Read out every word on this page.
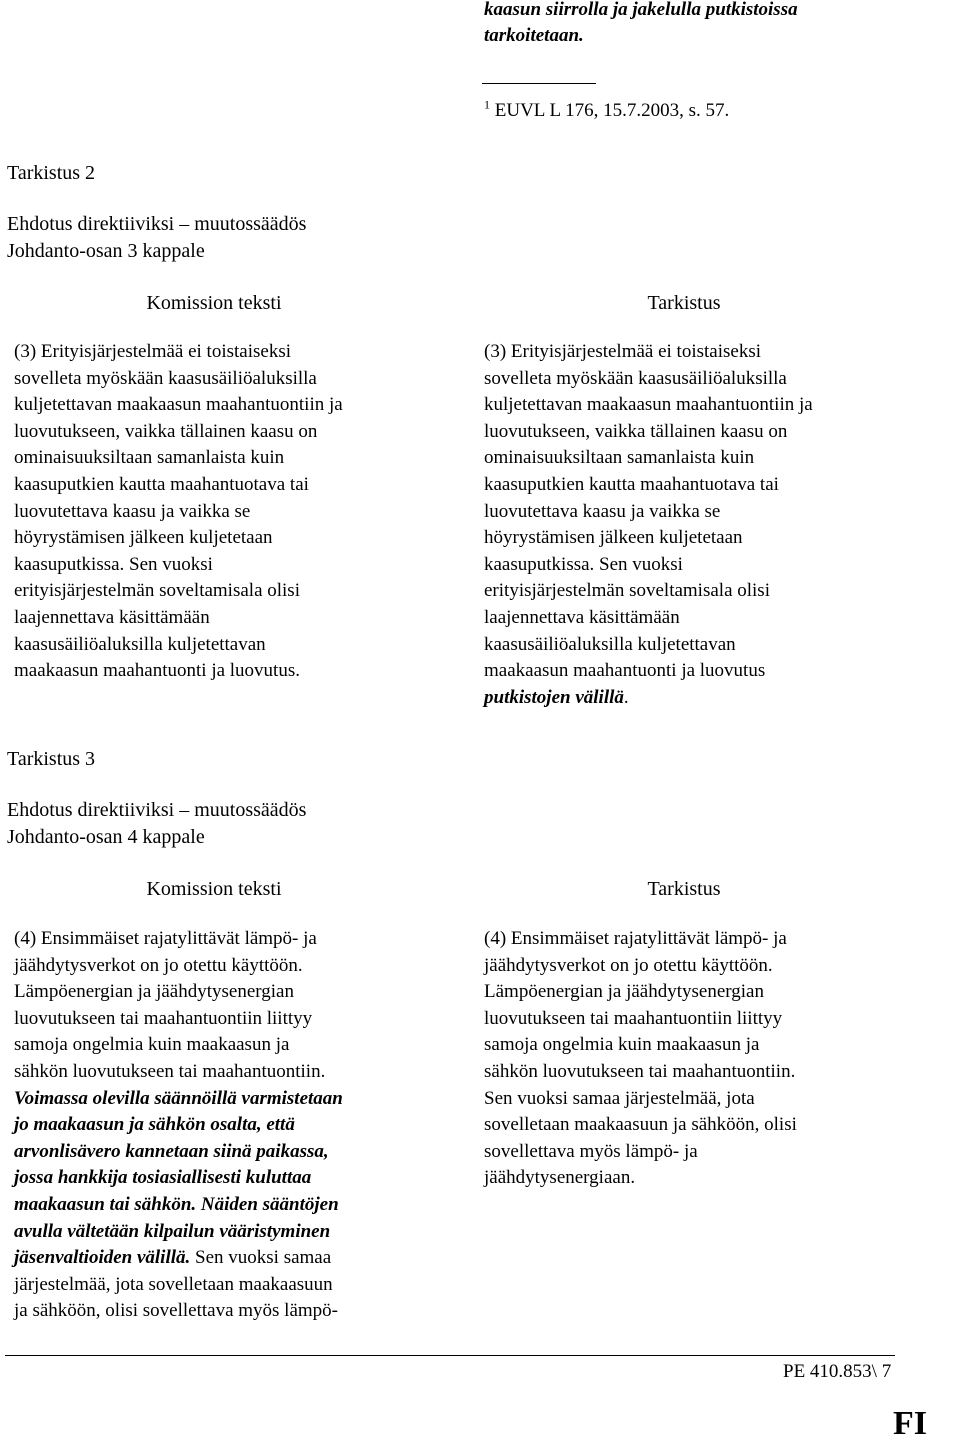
kaasun siirrolla ja jakelulla putkistoissa
tarkoitetaan.
$^1$ EUVL L 176, 15.7.2003, s. 57.
Tarkistus 2
Ehdotus direktiiviksi – muutossäädös
Johdanto-osan 3 kappale
Komission teksti	Tarkistus
(3) Erityisjärjestelmää ei toistaiseksi
sovelleta myöskään kaasusäiliöaluksilla
kuljetettavan maakaasun maahantuontiin ja
luovutukseen, vaikka tällainen kaasu on
ominaisuuksiltaan samanlaista kuin
kaasuputkien kautta maahantuotava tai
luovutettava kaasu ja vaikka se
höyrystämisen jälkeen kuljetetaan
kaasuputkissa. Sen vuoksi
erityisjärjestelmän soveltamisala olisi
laajennettava käsittämään
kaasusäiliöaluksilla kuljetettavan
maakaasun maahantuonti ja luovutus.
(3) Erityisjärjestelmää ei toistaiseksi
sovelleta myöskään kaasusäiliöaluksilla
kuljetettavan maakaasun maahantuontiin ja
luovutukseen, vaikka tällainen kaasu on
ominaisuuksiltaan samanlaista kuin
kaasuputkien kautta maahantuotava tai
luovutettava kaasu ja vaikka se
höyrystämisen jälkeen kuljetetaan
kaasuputkissa. Sen vuoksi
erityisjärjestelmän soveltamisala olisi
laajennettava käsittämään
kaasusäiliöaluksilla kuljetettavan
maakaasun maahantuonti ja luovutus
putkistojen välillä.
Tarkistus 3
Ehdotus direktiiviksi – muutossäädös
Johdanto-osan 4 kappale
Komission teksti	Tarkistus
(4) Ensimmäiset rajatylittävät lämpö- ja
jäähdytysverkot on jo otettu käyttöön.
Lämpöenergian ja jäähdytysenergian
luovutukseen tai maahantuontiin liittyy
samoja ongelmia kuin maakaasun ja
sähkön luovutukseen tai maahantuontiin.
Voimassa olevilla säännöillä varmistetaan
jo maakaasun ja sähkön osalta, että
arvonlisävero kannetaan siinä paikassa,
jossa hankkija tosiasiallisesti kuluttaa
maakaasun tai sähkön. Näiden sääntöjen
avulla vältetään kilpailun vääristyminen
jäsenvaltioiden välillä. Sen vuoksi samaa
järjestelmää, jota sovelletaan maakaasuun
ja sähköön, olisi sovellettava myös lämpö-
(4) Ensimmäiset rajatylittävät lämpö- ja
jäähdytysverkot on jo otettu käyttöön.
Lämpöenergian ja jäähdytysenergian
luovutukseen tai maahantuontiin liittyy
samoja ongelmia kuin maakaasun ja
sähkön luovutukseen tai maahantuontiin.
Sen vuoksi samaa järjestelmää, jota
sovelletaan maakaasuun ja sähköön, olisi
sovellettava myös lämpö- ja
jäähdytysenergiaan.
PE 410.853\ 7
FI
